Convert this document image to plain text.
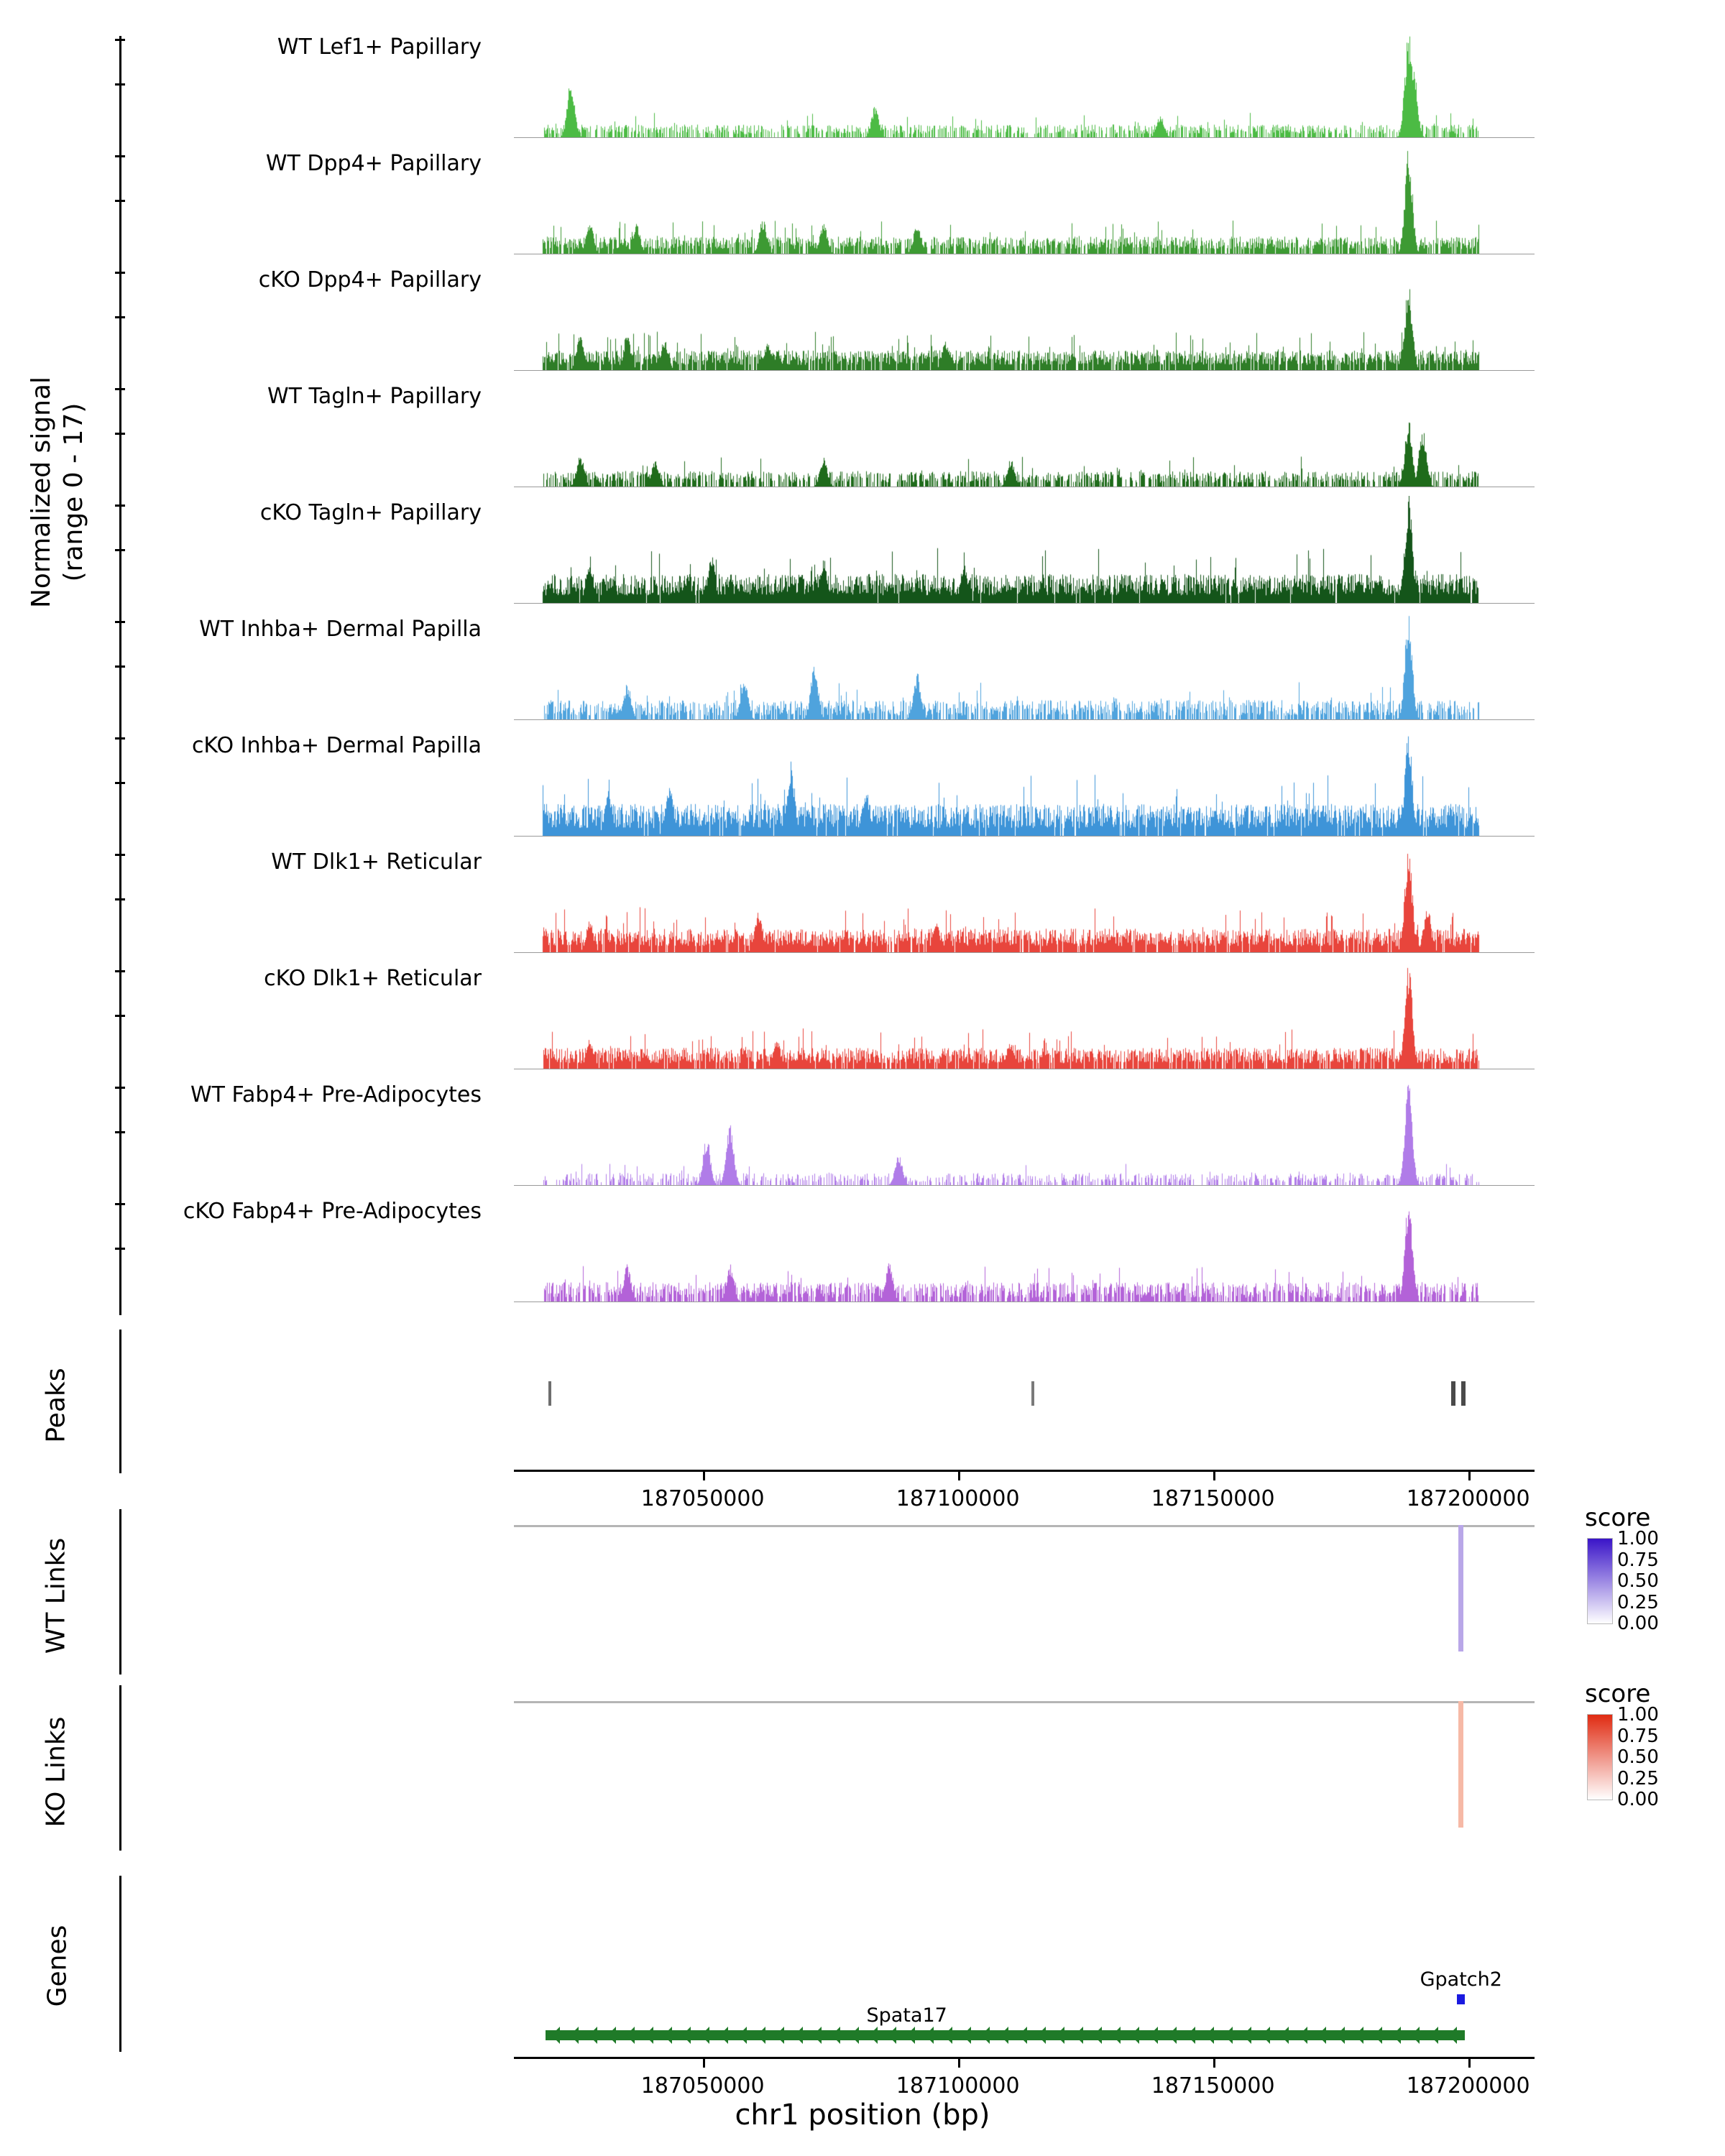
Normalized signal (range 0 - 17)
WT Lef1+ Papillary
WT Dpp4+ Papillary
cKO Dpp4+ Papillary
WT Tagln+ Papillary
cKO Tagln+ Papillary
WT Inhba+ Dermal Papilla
cKO Inhba+ Dermal Papilla
WT Dlk1+ Reticular
cKO Dlk1+ Reticular
WT Fabp4+ Pre-Adipocytes
cKO Fabp4+ Pre-Adipocytes
Peaks
187050000	187100000	187150000	187200000
WT Links
score
1.00
0.75
0.50
0.25
0.00
KO Links
score
1.00
0.75
0.50
0.25
0.00
Genes	Gpatch2
Spata17
187050000	187100000	187150000	187200000
chr1 position (bp)
